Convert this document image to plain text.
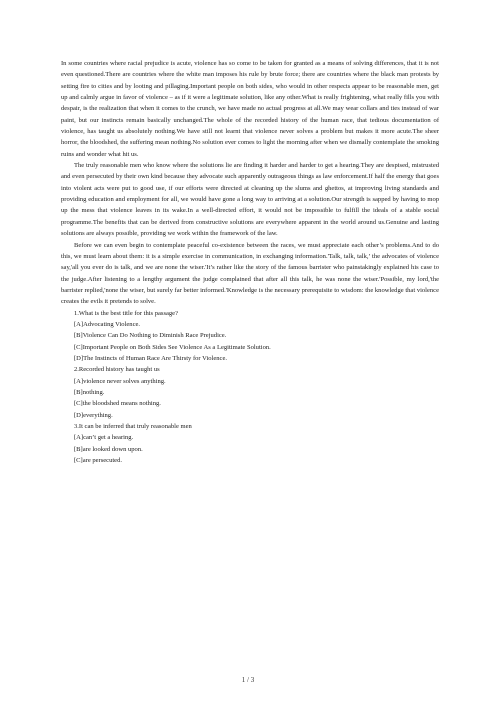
In some countries where racial prejudice is acute, violence has so come to be taken for granted as a means of solving differences, that it is not even questioned.There are countries where the white man imposes his rule by brute force; there are countries where the black man protests by setting fire to cities and by looting and pillaging.Important people on both sides, who would in other respects appear to be reasonable men, get up and calmly argue in favor of violence – as if it were a legitimate solution, like any other.What is really frightening, what really fills you with despair, is the realization that when it comes to the crunch, we have made no actual progress at all.We may wear collars and ties instead of war paint, but our instincts remain basically unchanged.The whole of the recorded history of the human race, that tedious documentation of violence, has taught us absolutely nothing.We have still not learnt that violence never solves a problem but makes it more acute.The sheer horror, the bloodshed, the suffering mean nothing.No solution ever comes to light the morning after when we dismally contemplate the smoking ruins and wonder what hit us.

The truly reasonable men who know where the solutions lie are finding it harder and harder to get a hearing.They are despised, mistrusted and even persecuted by their own kind because they advocate such apparently outrageous things as law enforcement.If half the energy that goes into violent acts were put to good use, if our efforts were directed at cleaning up the slums and ghettos, at improving living standards and providing education and employment for all, we would have gone a long way to arriving at a solution.Our strength is sapped by having to mop up the mess that violence leaves in its wake.In a well-directed effort, it would not be impossible to fulfill the ideals of a stable social programme.The benefits that can be derived from constructive solutions are everywhere apparent in the world around us.Genuine and lasting solutions are always possible, providing we work within the framework of the law.

Before we can even begin to contemplate peaceful co-existence between the races, we must appreciate each other’s problems.And to do this, we must learn about them: it is a simple exercise in communication, in exchanging information.'Talk, talk, talk,’ the advocates of violence say,'all you ever do is talk, and we are none the wiser.'It’s rather like the story of the famous barrister who painstakingly explained his case to the judge.After listening to a lengthy argument the judge complained that after all this talk, he was none the wiser.'Possible, my lord,'the barrister replied,'none the wiser, but surely far better informed.'Knowledge is the necessary prerequisite to wisdom: the knowledge that violence creates the evils it pretends to solve.

1.What is the best title for this passage?

[A]Advocating Violence.

[B]Violence Can Do Nothing to Diminish Race Prejudice.

[C]Important People on Both Sides See Violence As a Legitimate Solution.

[D]The Instincts of Human Race Are Thirsty for Violence.

2.Recorded history has taught us

[A]violence never solves anything.

[B]nothing.

[C]the bloodshed means nothing.

[D]everything.

3.It can be inferred that truly reasonable men

[A]can’t get a hearing.

[B]are looked down upon.

[C]are persecuted.

1 / 3
